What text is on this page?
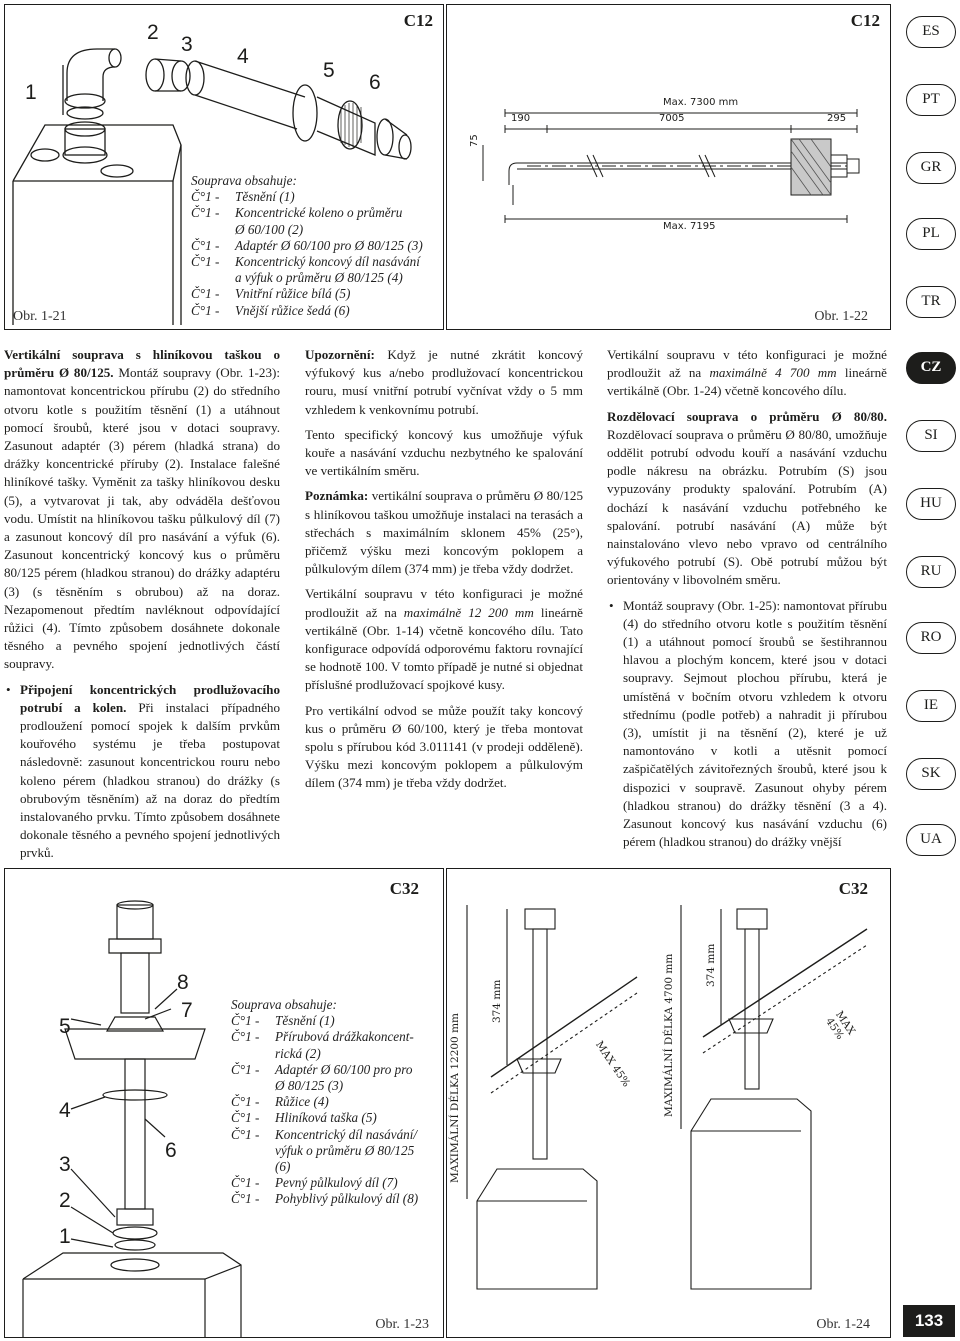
C12
1
2
3
4
5
6
Souprava obsahuje:
Č°1 -	Těsnění (1)
Č°1 -	Koncentrické koleno o průměru
Ø 60/100 (2)
Č°1 -	Adaptér Ø 60/100 pro Ø 80/125 (3)
Č°1 -	Koncentrický koncový díl nasávání
a výfuk o průměru Ø 80/125 (4)
Č°1 -	Vnitřní růžice bílá (5)
Č°1 -	Vnější růžice šedá (6)
Obr. 1-21
C12
Max. 7300 mm
190	7005	295
75
Max. 7195
Obr. 1-22
ES
PT
GR
PL
TR
CZ
SI
HU
RU
RO
IE
SK
UA

Vertikální souprava s hliníkovou taškou o průměru Ø 80/125. Montáž soupravy (Obr. 1-23): namontovat koncentrickou přírubu (2) do středního otvoru kotle s použitím těsnění (1) a utáhnout pomocí šroubů, které jsou v dotaci soupravy. Zasunout adaptér (3) pérem (hladká strana) do drážky koncentrické příruby (2). Instalace falešné hliníkové tašky. Vyměnit za tašky hliníkovou desku (5), a vytvarovat ji tak, aby odváděla dešťovou vodu. Umístit na hliníkovou tašku půlkulový díl (7) a zasunout koncový díl pro nasávání a výfuk (6). Zasunout koncentrický koncový kus o průměru 80/125 pérem (hladkou stranou) do drážky adaptéru (3) (s těsněním s obrubou) až na doraz. Nezapomenout předtím navléknout odpovídající růžici (4). Tímto způsobem dosáhnete dokonale těsného a pevného spojení jednotlivých částí soupravy.

• Připojení koncentrických prodlužovacího potrubí a kolen. Při instalaci případného prodloužení pomocí spojek k dalším prvkům kouřového systému je třeba postupovat následovně: zasunout koncentrickou rouru nebo koleno pérem (hladkou stranou) do drážky (s obrubovým těsněním) až na doraz do předtím instalovaného prvku. Tímto způsobem dosáhnete dokonale těsného a pevného spojení jednotlivých prvků.

Upozornění: Když je nutné zkrátit koncový výfukový kus a/nebo prodlužovací koncentrickou rouru, musí vnitřní potrubí vyčnívat vždy o 5 mm vzhledem k venkovnímu potrubí.

Tento specifický koncový kus umožňuje výfuk kouře a nasávání vzduchu nezbytného ke spalování ve vertikálním směru.

Poznámka: vertikální souprava o průměru Ø 80/125 s hliníkovou taškou umožňuje instalaci na terasách a střechách s maximálním sklonem 45% (25°), přičemž výšku mezi koncovým poklopem a půlkulovým dílem (374 mm) je třeba vždy dodržet.

Vertikální soupravu v této konfiguraci je možné prodloužit až na maximálně 12 200 mm lineárně vertikálně (Obr. 1-14) včetně koncového dílu. Tato konfigurace odpovídá odporovému faktoru rovnající se hodnotě 100. V tomto případě je nutné si objednat příslušné prodlužovací spojkové kusy.

Pro vertikální odvod se může použít taky koncový kus o průměru Ø 60/100, který je třeba montovat spolu s přírubou kód 3.011141 (v prodeji odděleně). Výšku mezi koncovým poklopem a půlkulovým dílem (374 mm) je třeba vždy dodržet.

Vertikální soupravu v této konfiguraci je možné prodloužit až na maximálně 4 700 mm lineárně vertikálně (Obr. 1-24) včetně koncového dílu.

Rozdělovací souprava o průměru Ø 80/80. Rozdělovací souprava o průměru Ø 80/80, umožňuje oddělit potrubí odvodu kouří a nasávání vzduchu podle nákresu na obrázku. Potrubím (S) jsou vypuzovány produkty spalování. Potrubím (A) dochází k nasávání vzduchu potřebného ke spalování. potrubí nasávání (A) může být nainstalováno vlevo nebo vpravo od centrálního výfukového potrubí (S). Obě potrubí můžou být orientovány v libovolném směru.

• Montáž soupravy (Obr. 1-25): namontovat přírubu (4) do středního otvoru kotle s použitím těsnění (1) a utáhnout pomocí šroubů se šestihrannou hlavou a plochým koncem, které jsou v dotaci soupravy. Sejmout plochou přírubu, která je umístěná v bočním otvoru vzhledem k otvoru střednímu (podle potřeb) a nahradit ji přírubou (3), umístit ji na těsnění (2), které je už namontováno v kotli a utěsnit pomocí zašpičatělých závitořezných šroubů, které jsou k dispozici v soupravě. Zasunout ohyby pérem (hladkou stranou) do drážky těsnění (3 a 4). Zasunout koncový kus nasávání vzduchu (6) pérem (hladkou stranou) do drážky vnější

C32
1
2
3
4
5
6
7
8
Souprava obsahuje:
Č°1 -	Těsnění (1)
Č°1 -	Přírubová drážkakoncent-
rická (2)
Č°1 -	Adaptér Ø 60/100 pro pro
Ø 80/125 (3)
Č°1 -	Růžice (4)
Č°1 -	Hliníková taška (5)
Č°1 -	Koncentrický díl nasávání/
výfuk o průměru Ø 80/125
(6)
Č°1 -	Pevný půlkulový díl (7)
Č°1 -	Pohyblivý půlkulový díl (8)
Obr. 1-23
C32
MAXIMÁLNÍ DÉLKA 12200 mm
374 mm
MAX 45%	MAXIMÁLNÍ DÉLKA 4700 mm	374 mm
MAX 45%
Obr. 1-24	133
